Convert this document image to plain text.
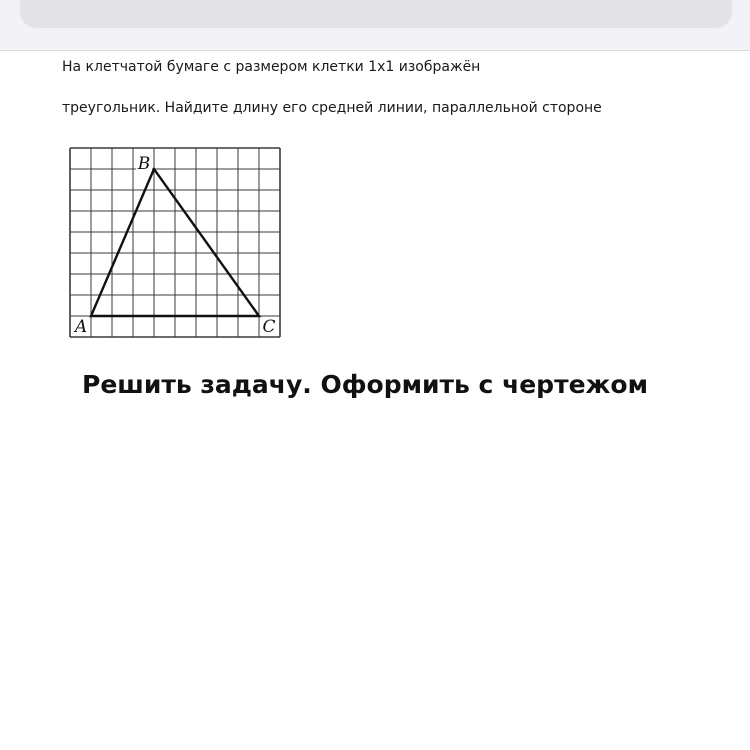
На клетчатой бумаге с размером клетки 1x1 изображён
треугольник. Найдите длину его средней линии, параллельной стороне
B
A	C
Решить задачу. Оформить с чертежом
